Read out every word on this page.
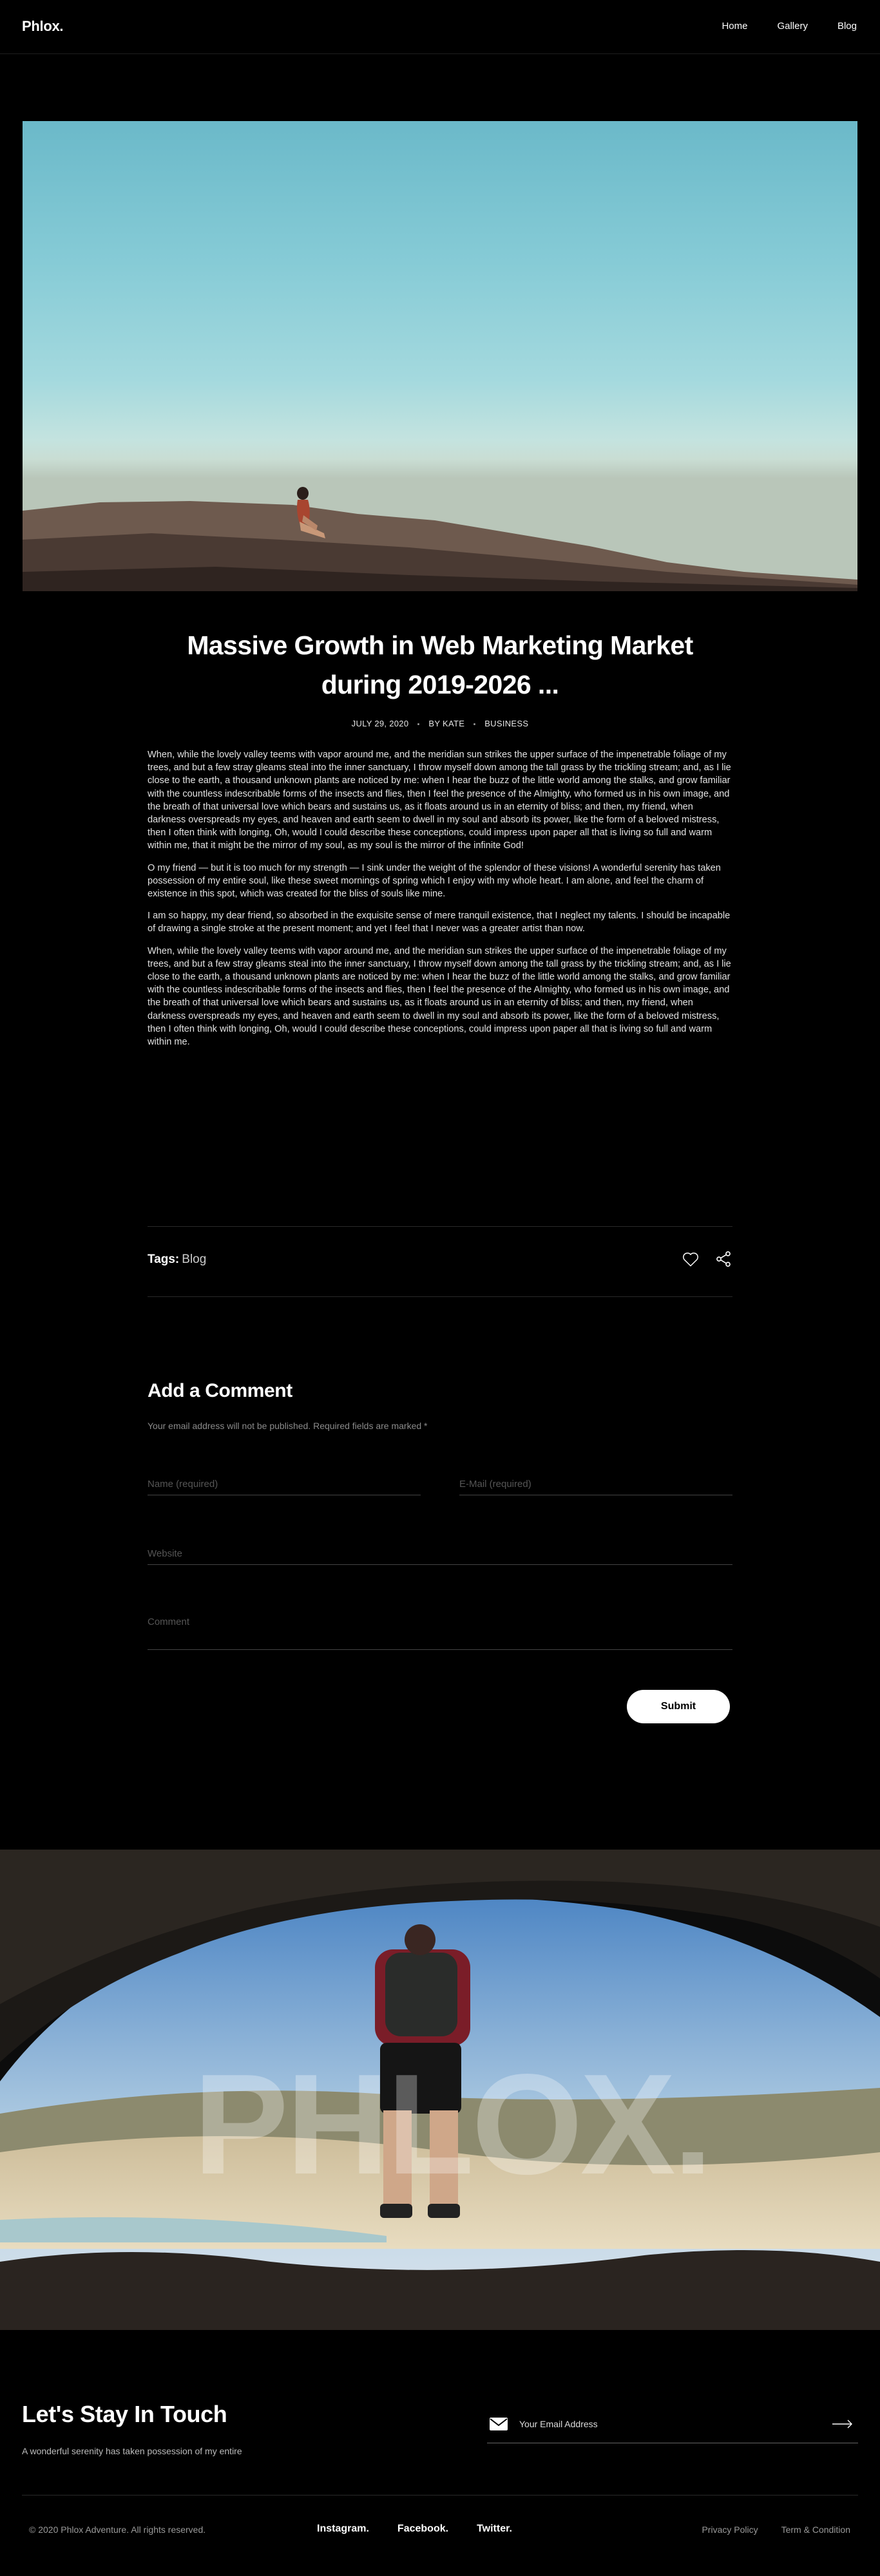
Phlox.	Home	Gallery	Blog
Massive Growth in Web Marketing Market during 2019-2026 ...
JULY 29, 2020 BY KATE BUSINESS

When, while the lovely valley teems with vapor around me, and the meridian sun strikes the upper surface of the impenetrable foliage of my trees, and but a few stray gleams steal into the inner sanctuary, I throw myself down among the tall grass by the trickling stream; and, as I lie close to the earth, a thousand unknown plants are noticed by me: when I hear the buzz of the little world among the stalks, and grow familiar with the countless indescribable forms of the insects and flies, then I feel the presence of the Almighty, who formed us in his own image, and the breath of that universal love which bears and sustains us, as it floats around us in an eternity of bliss; and then, my friend, when darkness overspreads my eyes, and heaven and earth seem to dwell in my soul and absorb its power, like the form of a beloved mistress, then I often think with longing, Oh, would I could describe these conceptions, could impress upon paper all that is living so full and warm within me, that it might be the mirror of my soul, as my soul is the mirror of the infinite God!

O my friend — but it is too much for my strength — I sink under the weight of the splendor of these visions! A wonderful serenity has taken possession of my entire soul, like these sweet mornings of spring which I enjoy with my whole heart. I am alone, and feel the charm of existence in this spot, which was created for the bliss of souls like mine.

I am so happy, my dear friend, so absorbed in the exquisite sense of mere tranquil existence, that I neglect my talents. I should be incapable of drawing a single stroke at the present moment; and yet I feel that I never was a greater artist than now.

When, while the lovely valley teems with vapor around me, and the meridian sun strikes the upper surface of the impenetrable foliage of my trees, and but a few stray gleams steal into the inner sanctuary, I throw myself down among the tall grass by the trickling stream; and, as I lie close to the earth, a thousand unknown plants are noticed by me: when I hear the buzz of the little world among the stalks, and grow familiar with the countless indescribable forms of the insects and flies, then I feel the presence of the Almighty, who formed us in his own image, and the breath of that universal love which bears and sustains us, as it floats around us in an eternity of bliss; and then, my friend, when darkness overspreads my eyes, and heaven and earth seem to dwell in my soul and absorb its power, like the form of a beloved mistress, then I often think with longing, Oh, would I could describe these conceptions, could impress upon paper all that is living so full and warm within me.

Tags: Blog
Add a Comment
Your email address will not be published. Required fields are marked *
Name (required)
E-Mail (required)
Website
Comment
Submit
PHLOX.
Let's Stay In Touch
A wonderful serenity has taken possession of my entire
Your Email Address
© 2020 Phlox Adventure. All rights reserved.	Instagram.	Facebook.	Twitter.	Privacy Policy	Term & Condition
